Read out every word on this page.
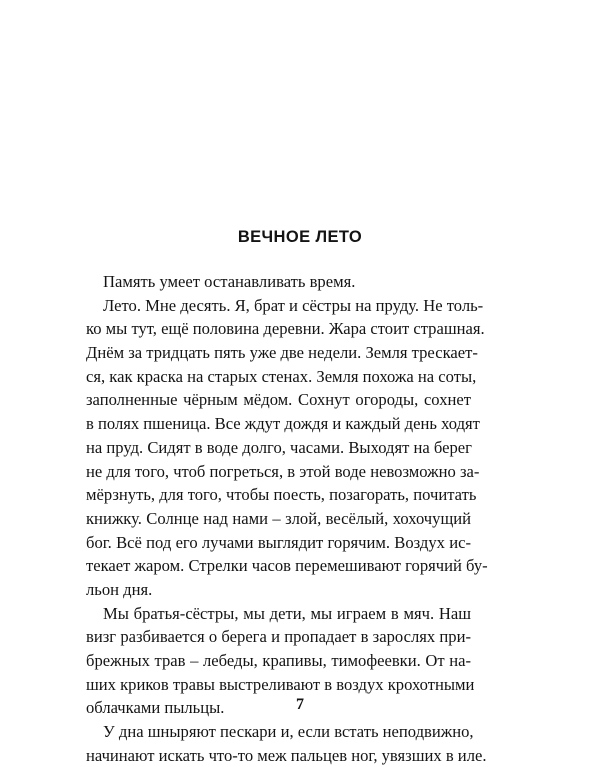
ВЕЧНОЕ ЛЕТО
Память умеет останавливать время.
Лето. Мне десять. Я, брат и сёстры на пруду. Не толь-
ко мы тут, ещё половина деревни. Жара стоит страшная.
Днём за тридцать пять уже две недели. Земля трескает-
ся, как краска на старых стенах. Земля похожа на соты,
заполненные чёрным мёдом. Сохнут огороды, сохнет
в полях пшеница. Все ждут дождя и каждый день ходят
на пруд. Сидят в воде долго, часами. Выходят на берег
не для того, чтоб погреться, в этой воде невозможно за-
мёрзнуть, для того, чтобы поесть, позагорать, почитать
книжку. Солнце над нами – злой, весёлый, хохочущий
бог. Всё под его лучами выглядит горячим. Воздух ис-
текает жаром. Стрелки часов перемешивают горячий бу-
льон дня.
Мы братья-сёстры, мы дети, мы играем в мяч. Наш
визг разбивается о берега и пропадает в зарослях при-
брежных трав – лебеды, крапивы, тимофеевки. От на-
ших криков травы выстреливают в воздух крохотными
облачками пыльцы.
У дна шныряют пескари и, если встать неподвижно,
начинают искать что-то меж пальцев ног, увязших в иле.
7
